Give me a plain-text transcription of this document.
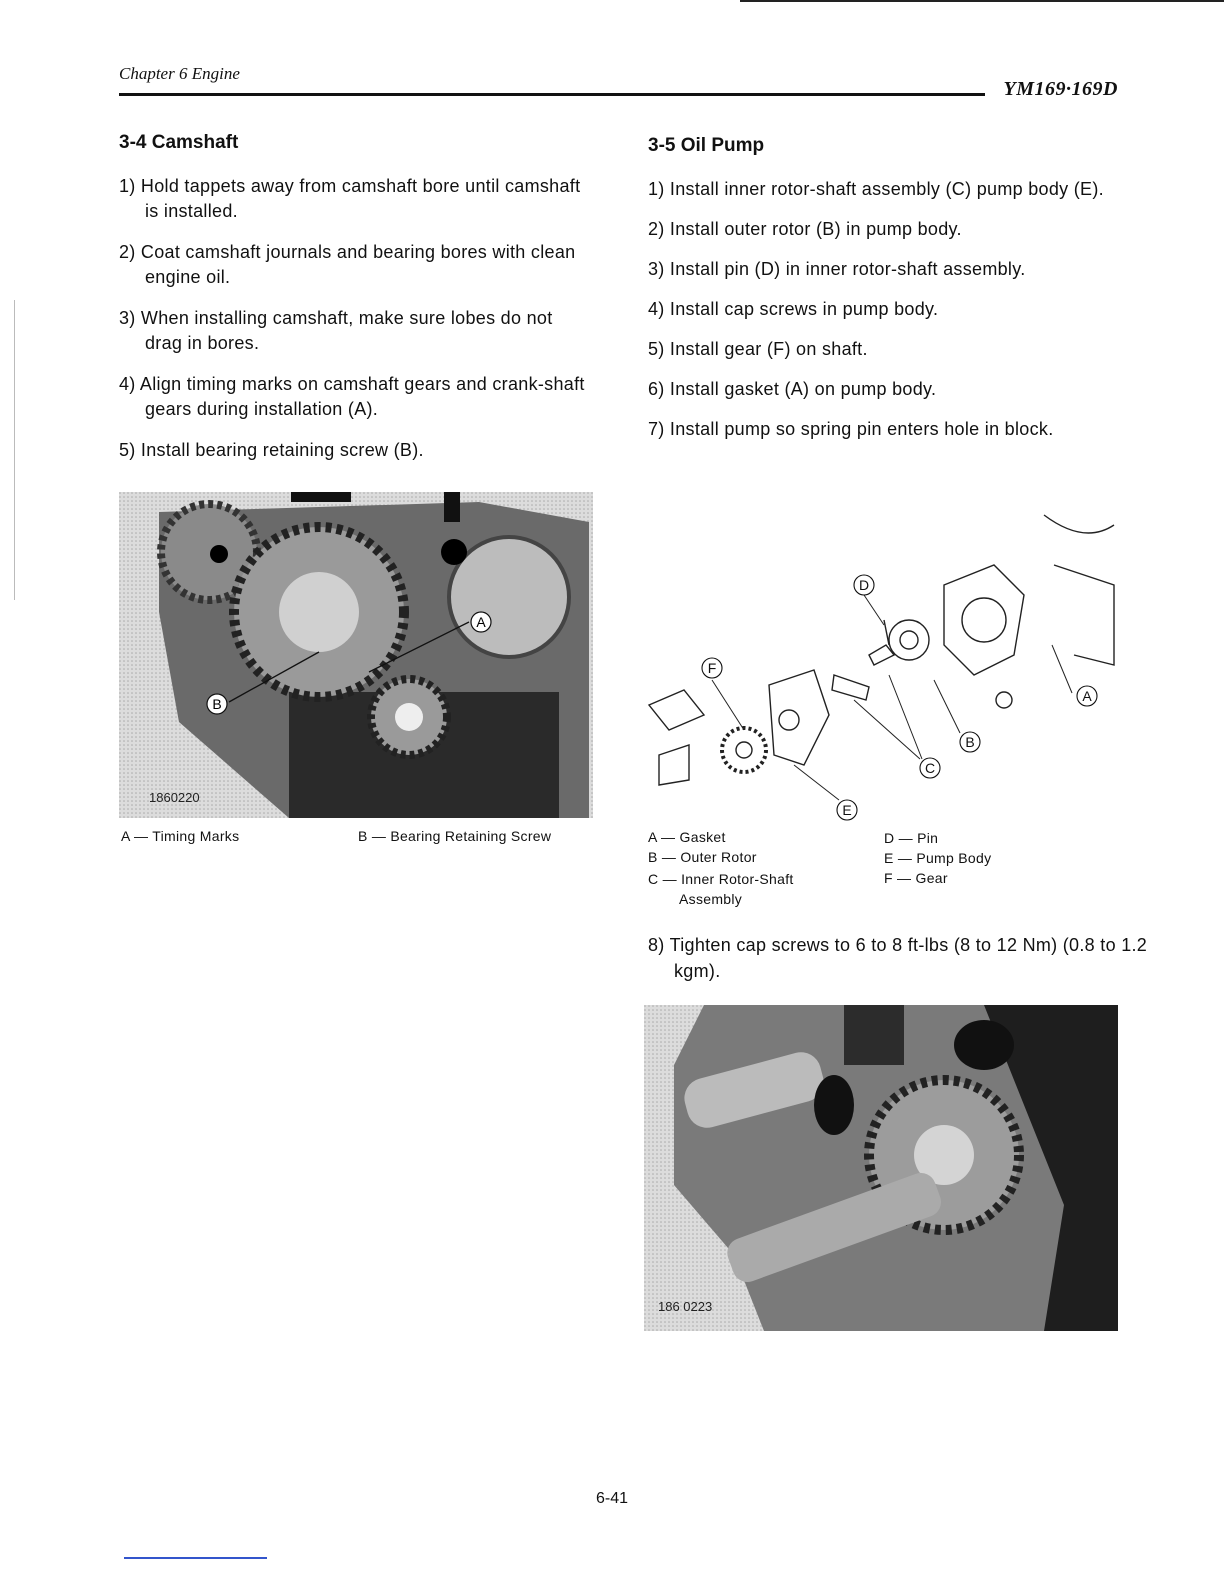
Chapter 6 Engine
YM169·169D
3-4 Camshaft
1) Hold tappets away from camshaft bore until camshaft is installed.
2) Coat camshaft journals and bearing bores with clean engine oil.
3) When installing camshaft, make sure lobes do not drag in bores.
4) Align timing marks on camshaft gears and crank-shaft gears during installation (A).
5) Install bearing retaining screw (B).
A
B
1860220
A — Timing Marks	B — Bearing Retaining Screw
3-5 Oil Pump
1) Install inner rotor-shaft assembly (C) pump body (E).
2) Install outer rotor (B) in pump body.
3) Install pin (D) in inner rotor-shaft assembly.
4) Install cap screws in pump body.
5) Install gear (F) on shaft.
6) Install gasket (A) on pump body.
7) Install pump so spring pin enters hole in block.
D
F
A
B
C
E
A — Gasket
B — Outer Rotor
C — Inner Rotor-Shaft Assembly
D — Pin
E — Pump Body
F — Gear
8) Tighten cap screws to 6 to 8 ft-lbs (8 to 12 Nm) (0.8 to 1.2 kgm).
186 0223
6-41
